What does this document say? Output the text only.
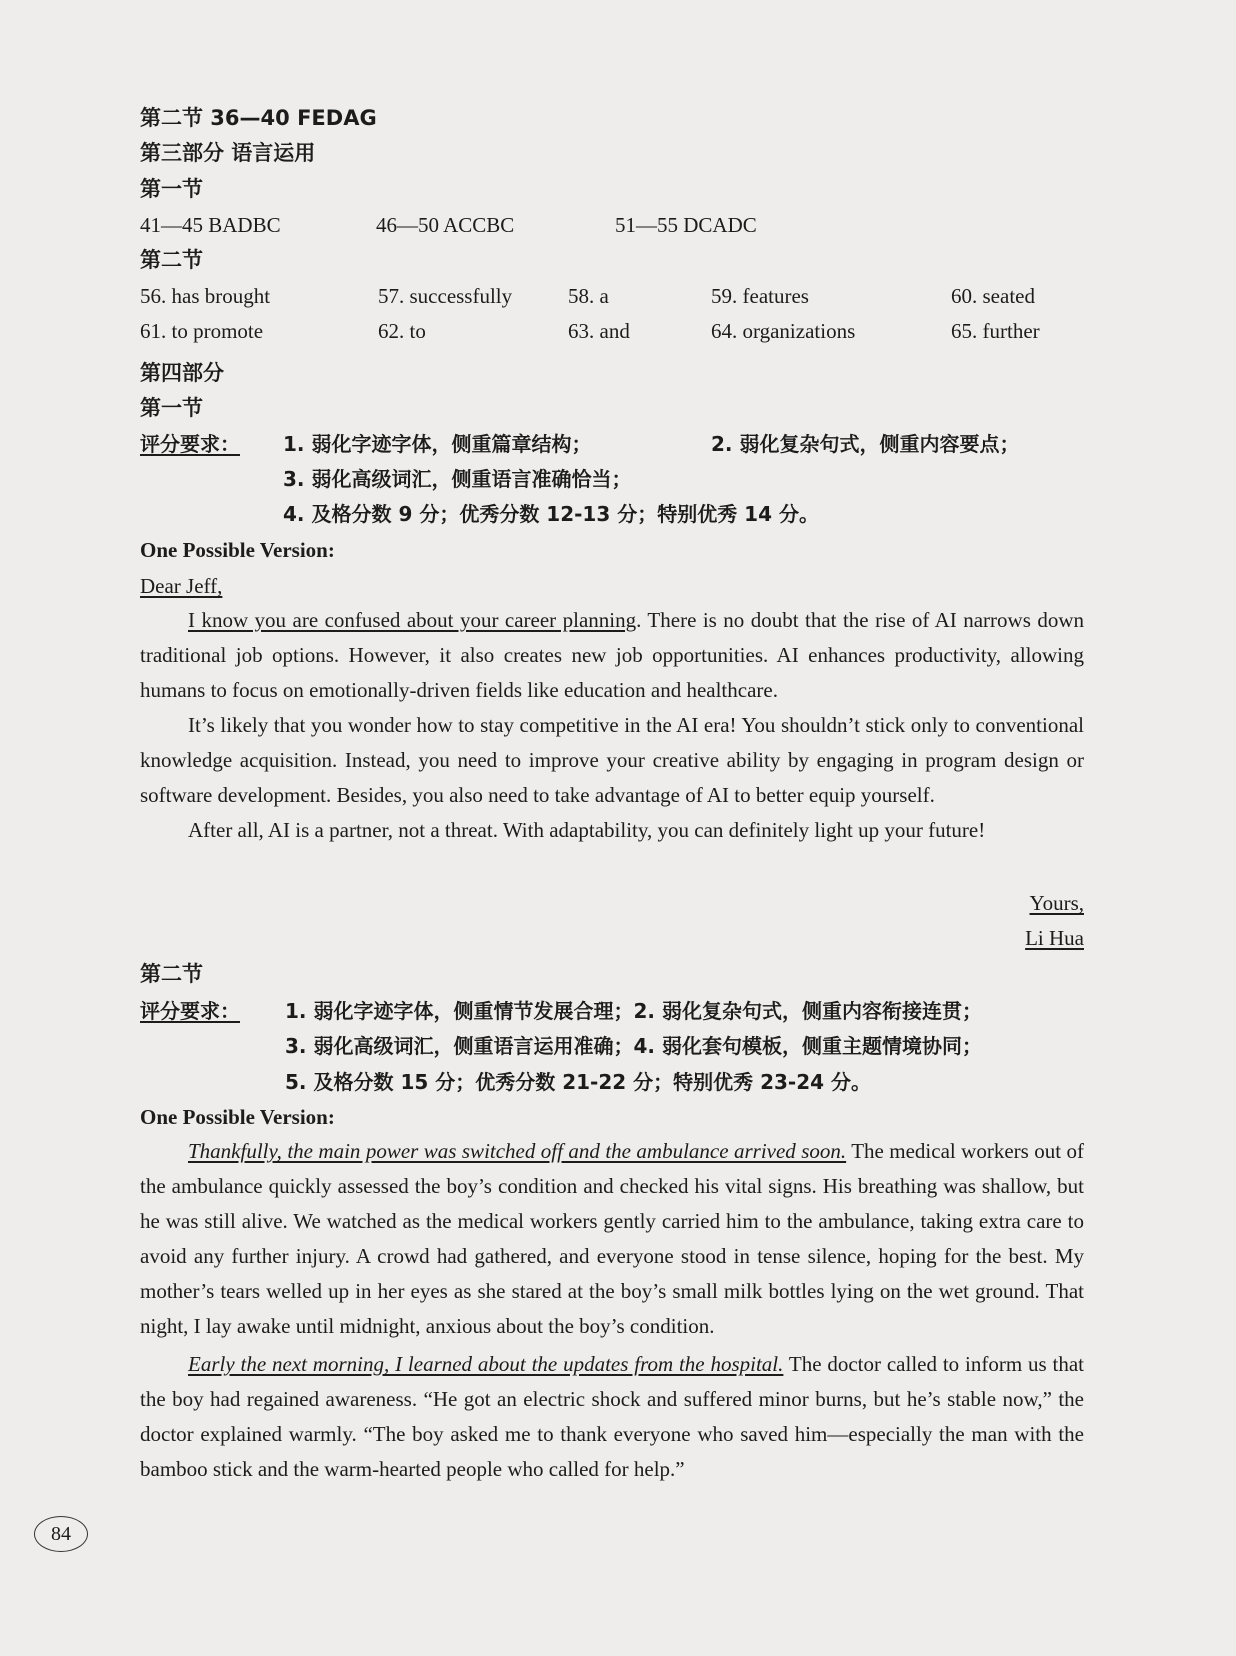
第二节 36—40 FEDAG
第三部分 语言运用
第一节
41—45 BADBC	46—50 ACCBC	51—55 DCADC
第二节
56. has brought	57. successfully	58. a	59. features	60. seated
61. to promote	62. to	63. and	64. organizations	65. further
第四部分
第一节
评分要求： 1. 弱化字迹字体，侧重篇章结构；	2. 弱化复杂句式，侧重内容要点；
3. 弱化高级词汇，侧重语言准确恰当；
4. 及格分数 9 分；优秀分数 12-13 分；特别优秀 14 分。
One Possible Version:
Dear Jeff,

I know you are confused about your career planning. There is no doubt that the rise of AI narrows down traditional job options. However, it also creates new job opportunities. AI enhances productivity, allowing humans to focus on emotionally-driven fields like education and healthcare.

It’s likely that you wonder how to stay competitive in the AI era! You shouldn’t stick only to conventional knowledge acquisition. Instead, you need to improve your creative ability by engaging in program design or software development. Besides, you also need to take advantage of AI to better equip yourself.

After all, AI is a partner, not a threat. With adaptability, you can definitely light up your future!

Yours,
Li Hua
第二节
评分要求： 1. 弱化字迹字体，侧重情节发展合理；2. 弱化复杂句式，侧重内容衔接连贯；
3. 弱化高级词汇，侧重语言运用准确；4. 弱化套句模板，侧重主题情境协同；
5. 及格分数 15 分；优秀分数 21-22 分；特别优秀 23-24 分。
One Possible Version:

Thankfully, the main power was switched off and the ambulance arrived soon. The medical workers out of the ambulance quickly assessed the boy’s condition and checked his vital signs. His breathing was shallow, but he was still alive. We watched as the medical workers gently carried him to the ambulance, taking extra care to avoid any further injury. A crowd had gathered, and everyone stood in tense silence, hoping for the best. My mother’s tears welled up in her eyes as she stared at the boy’s small milk bottles lying on the wet ground. That night, I lay awake until midnight, anxious about the boy’s condition.

Early the next morning, I learned about the updates from the hospital. The doctor called to inform us that the boy had regained awareness. “He got an electric shock and suffered minor burns, but he’s stable now,” the doctor explained warmly. “The boy asked me to thank everyone who saved him—especially the man with the bamboo stick and the warm-hearted people who called for help.”

84
